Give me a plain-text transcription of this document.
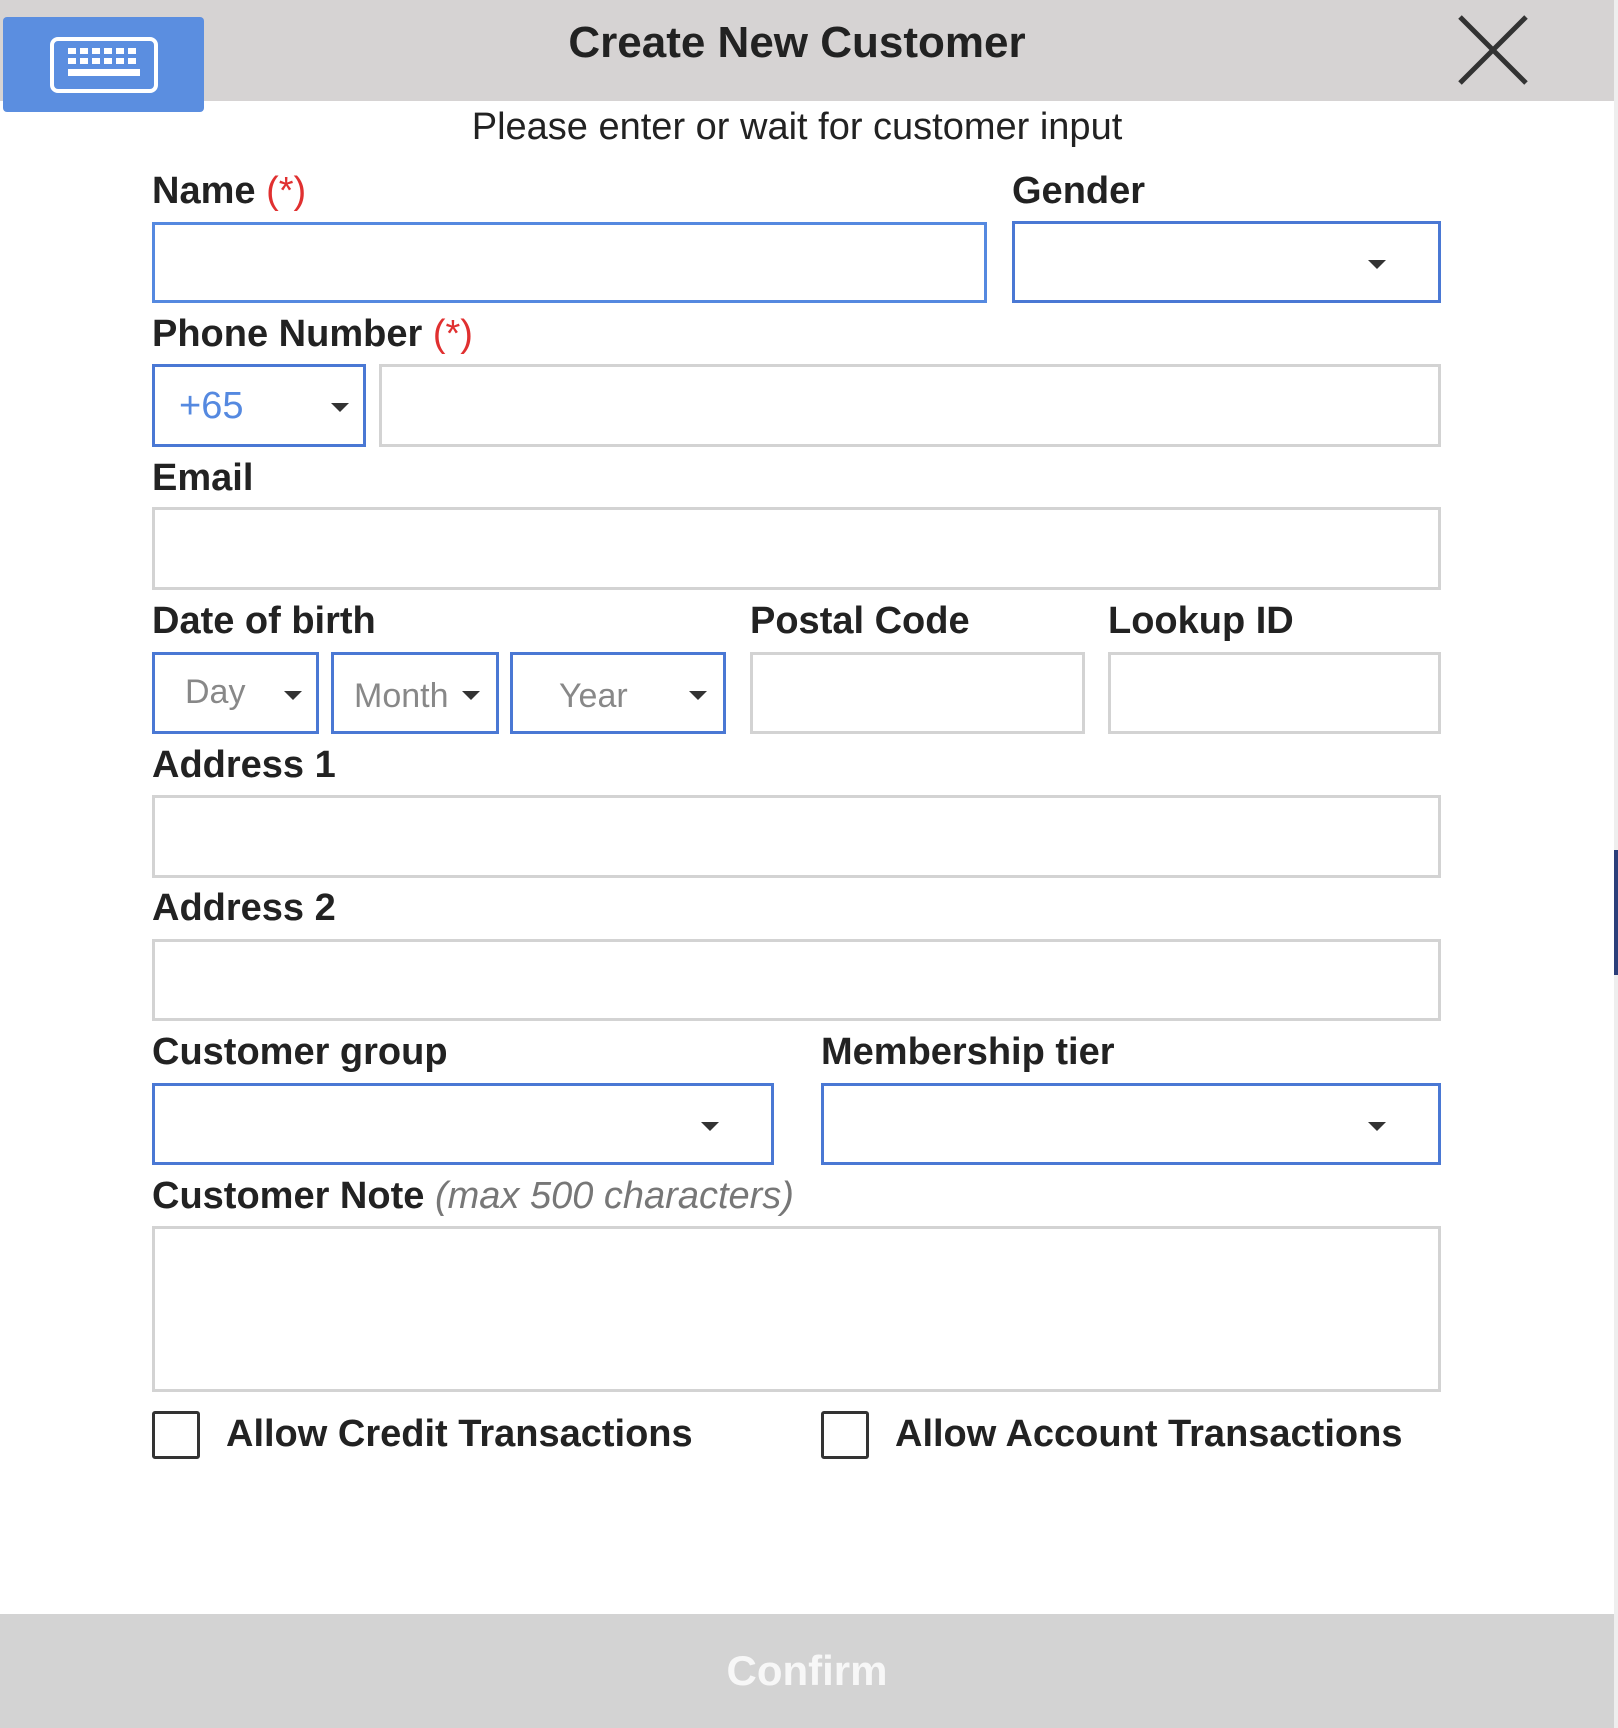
Create New Customer
Please enter or wait for customer input
Name (*)	Gender
Phone Number (*)
+65
Email
Date of birth
Day	Month	Year
Postal Code	Lookup ID
Address 1
Address 2
Customer group	Membership tier
Customer Note (max 500 characters)
Allow Credit Transactions	Allow Account Transactions
Confirm
